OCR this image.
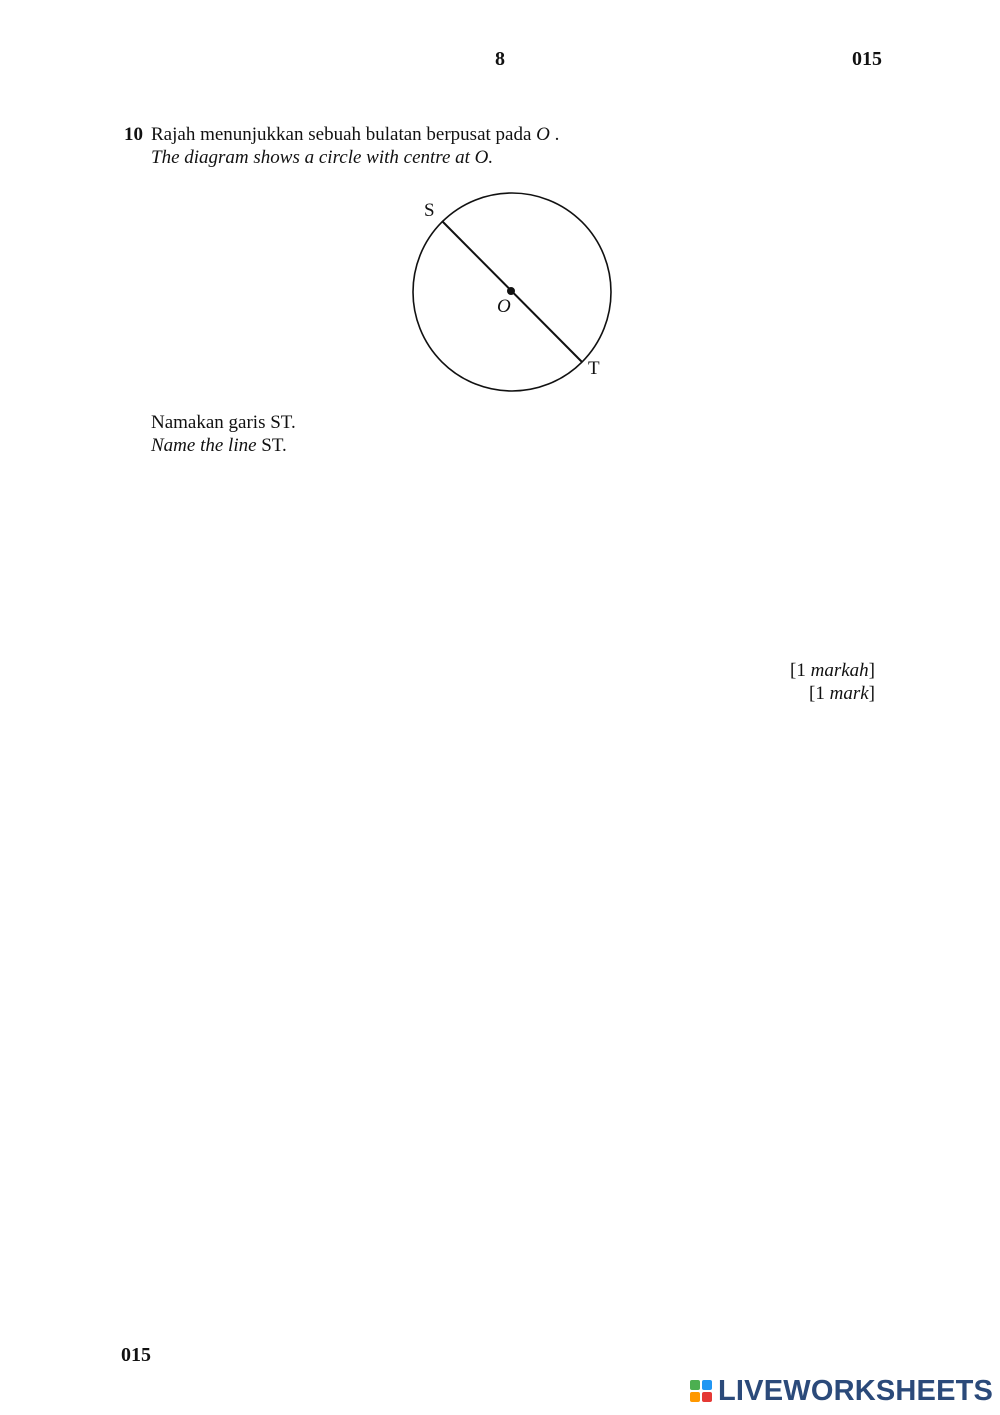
8	015
10 Rajah menunjukkan sebuah bulatan berpusat pada O .
The diagram shows a circle with centre at O.
S
O
T
Namakan garis ST.
Name the line ST.
[1 markah]
[1 mark]
015
LIVEWORKSHEETS
